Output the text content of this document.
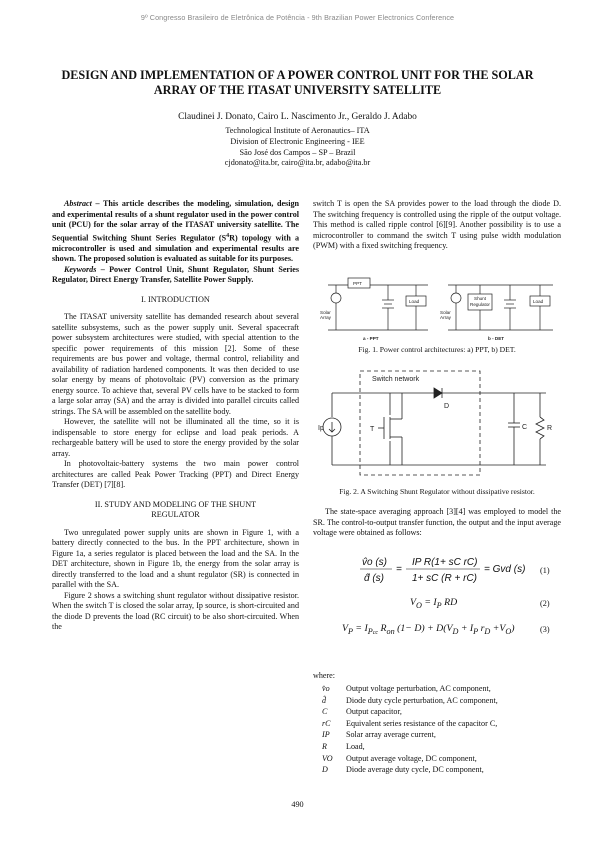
9º Congresso Brasileiro de Eletrônica de Potência - 9th Brazilian Power Electronics Conference
DESIGN AND IMPLEMENTATION OF A POWER CONTROL UNIT FOR THE SOLAR ARRAY OF THE ITASAT UNIVERSITY SATELLITE
Claudinei J. Donato, Cairo L. Nascimento Jr., Geraldo J. Adabo
Technological Institute of Aeronautics– ITA
Division of Electronic Engineering - IEE
São José dos Campos – SP – Brazil
cjdonato@ita.br, cairo@ita.br, adabo@ita.br

Abstract – This article describes the modeling, simulation, design and experimental results of a shunt regulator used in the power control unit (PCU) for the solar array of the ITASAT university satellite. The Sequential Switching Shunt Series Regulator $(S^4R)$ topology with a microcontroller is used and simulation and experimental results are shown. The proposed solution is evaluated as suitable for its purposes.

Keywords – Power Control Unit, Shunt Regulator, Shunt Series Regulator, Direct Energy Transfer, Satellite Power Supply.

I. INTRODUCTION

The ITASAT university satellite has demanded research about several satellite subsystems, such as the power supply unit. Several spacecraft power subsystem architectures were studied, with special attention to the specific power requirements of this mission [2]. Some of these requirements are bus power and voltage, thermal control, reliability and availability of radiation hardened components. It was then decided to use solar energy by means of photovoltaic (PV) conversion as the primary energy source. To achieve that, several PV cells have to be stacked to form a large solar array (SA) and the array is divided into parallel circuits called strings. The SA will be assembled on the satellite body.

However, the satellite will not be illuminated all the time, so it is indispensable to store energy for eclipse and load peak periods. A rechargeable battery will be used to store the energy provided by the solar array.

In photovoltaic-battery systems the two main power control architectures are called Peak Power Tracking (PPT) and Direct Energy Transfer (DET) [7][8].

II. STUDY AND MODELING OF THE SHUNT REGULATOR

Two unregulated power supply units are shown in Figure 1, with a battery directly connected to the bus. In the PPT architecture, shown in Figure 1a, a series regulator is placed between the load and the SA. In the DET architecture, shown in Figure 1b, the energy from the solar array is directly transferred to the load and a shunt regulator (SR) is connected in parallel with the SA.

Figure 2 shows a switching shunt regulator without dissipative resistor. When the switch T is closed the solar array, Ip source, is short-circuited and the diode D prevents the load (RC circuit) to be also short-circuited. When the

switch T is open the SA provides power to the load through the diode D. The switching frequency is controlled using the ripple of the output voltage. This method is called ripple control [6][9]. Another possibility is to use a microcontroller to command the switch T using pulse width modulation (PWM) with a fixed switching frequency.

PPT
Load	Load
Solar
Array
Solar
Array
Shunt
Regulator
a - PPT	b - DET
Fig. 1. Power control architectures: a) PPT, b) DET.
Switch network
D
T
Ip	C	R
Fig. 2. A Switching Shunt Regulator without dissipative resistor.

The state-space averaging approach [3][4] was employed to model the SR. The control-to-output transfer function, the output and the input average voltage were obtained as follows:

v̂o (s)
d̂ (s)
=
IP R(1+ sC rC)
1+ sC (R + rC)
= Gvd (s) (1)
$V_O = I_P$ RD	(2)
$V_P = I_{Pcc}$ $R_{on}$ $(1- D) + D(V_D + I_P$ $r_D +V_O$)	(3)
where:
v̂o	Output voltage perturbation, AC component,
d̂	Diode duty cycle perturbation, AC component,
C	Output capacitor,
rC	Equivalent series resistance of the capacitor C,
IP	Solar array average current,
R	Load,
VO	Output average voltage, DC component,
D	Diode average duty cycle, DC component,
490
